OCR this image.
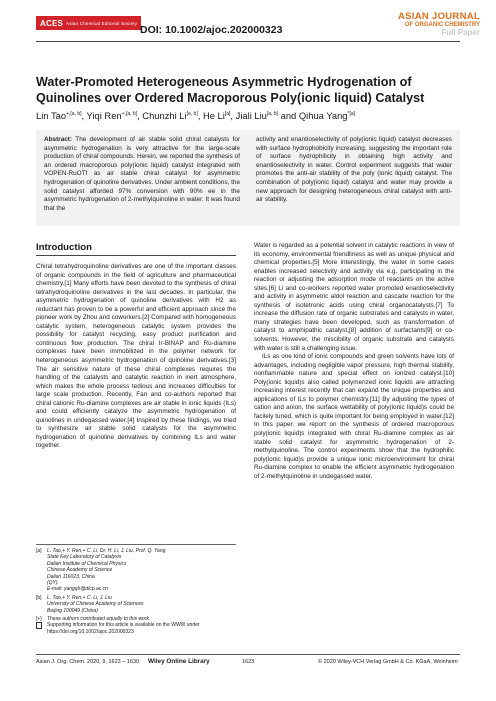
ACES Asian Chemical Editorial Society
DOI: 10.1002/ajoc.202000323
ASIAN JOURNAL
OF ORGANIC CHEMISTRY
Full Paper
Water-Promoted Heterogeneous Asymmetric Hydrogenation of Quinolines over Ordered Macroporous Poly(ionic liquid) Catalyst
Lin Tao$^{+,[a, b]}$, Yiqi Ren$^{+,[a, b]}$, Chunzhi Li[a, b], He Li[a], Jiali Liu[a, b] and Qihua Yang$^{*[a]}$
Abstract: The development of air stable solid chiral catalysts for asymmetric hydrogenation is very attractive for the large-scale production of chiral compounds. Herein, we reported the synthesis of an ordered macroporous poly(ionic liquid) catalyst integrated with VOPEN-RuOTf as air stable chiral catalyst for asymmetric hydrogenation of quinoline derivatives. Under ambient conditions, the solid catalyst afforded 97% conversion with 90% ee in the asymmetric hydrogenation of 2-methylquinoline in water. It was found that the
activity and enantioselectivity of poly(ionic liquid) catalyst decreases with surface hydrophobicity increasing, suggesting the important role of surface hydrophilicity in obtaining high activity and enantioselectivity in water. Control experiment suggests that water promotes the anti-air stability of the poly (ionic liquid) catalyst. The combination of poly(ionic liquid) catalyst and water may provide a new approach for designing heterogeneous chiral catalyst with anti-air stability.
Introduction

Chiral tetrahydroquinoline derivatives are one of the important classes of organic compounds in the field of agriculture and pharmaceutical chemistry.[1] Many efforts have been devoted to the synthesis of chiral tetrahydroquinoline derivatives in the last decades. In particular, the asymmetric hydrogenation of quinoline derivatives with H2 as reductant has proven to be a powerful and efficient approach since the pioneer work by Zhou and coworkers.[2] Compared with homogeneous catalytic system, heterogeneous catalytic system provides the possibility for catalyst recycling, easy product purification and continuous flow production. The chiral Ir-BINAP and Ru-diamine complexes have been immobilized in the polymer network for heterogeneous asymmetric hydrogenation of quinoline derivatives.[3] The air sensitive nature of these chiral complexes requires the handling of the catalysts and catalytic reaction in inert atmosphere, which makes the whole process tedious and increases difficulties for large scale production. Recently, Fan and co-authors reported that chiral cationic Ru-diamine complexes are air stable in ionic liquids (ILs) and could efficiently catalyze the asymmetric hydrogenation of quinolines in undegassed water.[4] Inspired by these findings, we tried to synthesize air stable solid catalysts for the asymmetric hydrogenation of quinoline derivatives by combining ILs and water together.

Water is regarded as a potential solvent in catalytic reactions in view of its economy, environmental friendliness as well as unique physical and chemical properties.[5] More interestingly, the water in some cases enables increased selectivity and activity via e.g. participating in the reaction or adjusting the adsorption mode of reactants on the active sites.[6] Li and co-workers reported water promoted enantioselectivity and activity in asymmetric aldol reaction and cascade reaction for the synthesis of isotetronic acids using chiral organocatalysts.[7] To increase the diffusion rate of organic substrates and catalysts in water, many strategies have been developed, such as transformation of catalyst to amphipathic catalyst,[8] addition of surfactants[9] or co-solvents. However, the miscibility of organic substrate and catalysts with water is still a challenging issue.

ILs as one kind of ionic compounds and green solvents have lots of advantages, including negligible vapor pressure, high thermal stability, nonflammable nature and special effect on ionized catalyst.[10] Poly(ionic liquid)s also called polymerized ionic liquids are attracting increasing interest recently that can expand the unique properties and applications of ILs to polymer chemistry.[11] By adjusting the types of cation and anion, the surface wettability of poly(ionic liquid)s could be facilely tuned, which is quite important for being employed in water.[12] In this paper, we report on the synthesis of ordered macroporous poly(ionic liquid)s integrated with chiral Ru-diamine complex as air stable solid catalyst for asymmetric hydrogenation of 2-methylquinoline. The control experiments show that the hydrophilic poly(ionic liquid)s provide a unique ionic microenvironment for chiral Ru-diamine complex to enable the efficient asymmetric hydrogenation of 2-methylquinoline in undegassed water.

[a]	L. Tao,+ Y. Ren,+ C. Li, Dr. H. Li, J. Liu, Prof. Q. Yang
State Key Laboratory of Catalysis
Dalian Institute of Chemical Physics
Chinese Academy of Science
Dalian 116023, China
(QY)
E-mail: yangqh@dicp.ac.cn
[b]	L. Tao,+ Y. Ren,+ C. Li, J. Liu
University of Chinese Academy of Sciences
Beijing 100049 (China)
[+]	These authors contributed equally to this work.
Supporting information for this article is available on the WWW under https://doi.org/10.1002/ajoc.202000323
Asian J. Org. Chem. 2020, 9, 1623 – 1630 Wiley Online Library	1623	© 2020 Wiley-VCH Verlag GmbH & Co. KGaA, Weinheim
